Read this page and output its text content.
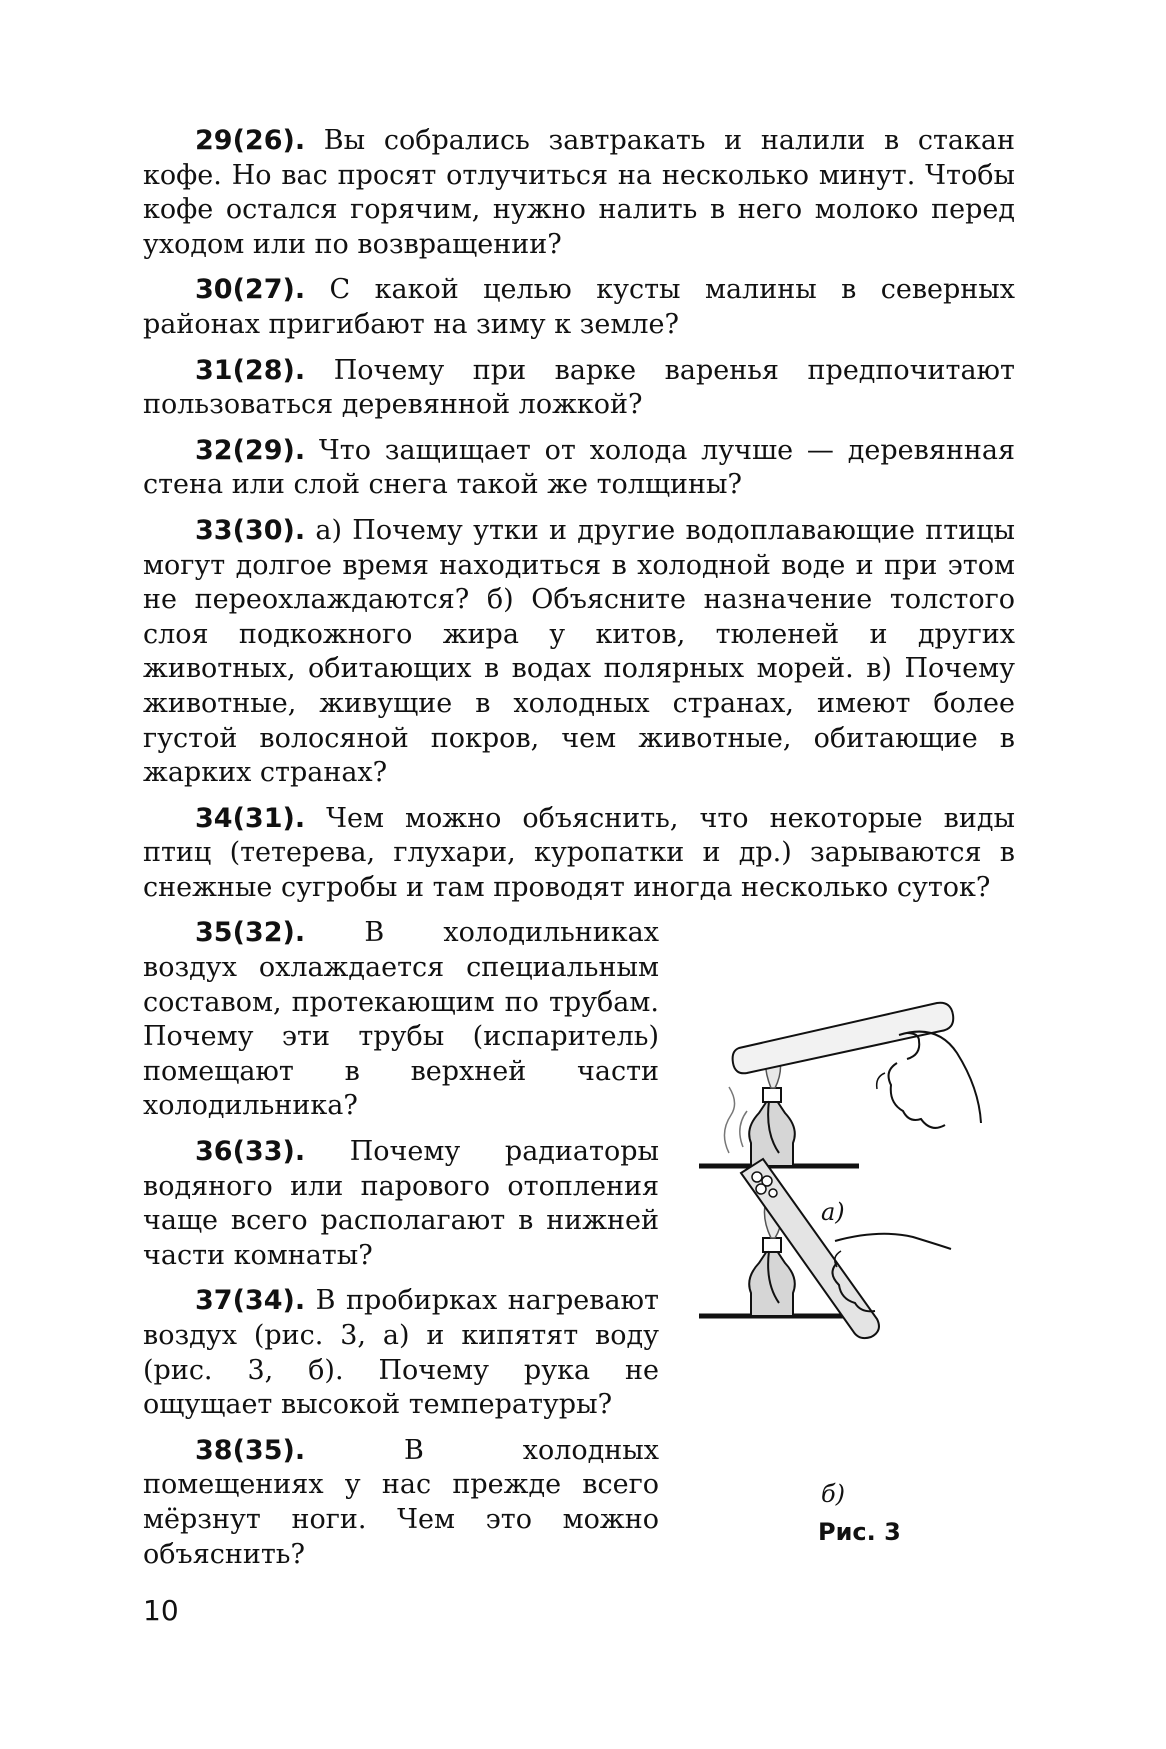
29(26). Вы собрались завтракать и налили в стакан кофе. Но вас просят отлучиться на несколько минут. Чтобы кофе остался горячим, нужно налить в него молоко перед уходом или по возвращении?

30(27). С какой целью кусты малины в северных районах пригибают на зиму к земле?

31(28). Почему при варке варенья предпочитают пользоваться деревянной ложкой?

32(29). Что защищает от холода лучше — деревянная стена или слой снега такой же толщины?

33(30). а) Почему утки и другие водоплавающие птицы могут долгое время находиться в холодной воде и при этом не переохлаждаются? б) Объясните назначение толстого слоя подкожного жира у китов, тюленей и других животных, обитающих в водах полярных морей. в) Почему животные, живущие в холодных странах, имеют более густой волосяной покров, чем животные, обитающие в жарких странах?

34(31). Чем можно объяснить, что некоторые виды птиц (тетерева, глухари, куропатки и др.) зарываются в снежные сугробы и там проводят иногда несколько суток?

35(32). В холодильниках воздух охлаждается специальным составом, протекающим по трубам. Почему эти трубы (испаритель) помещают в верхней части холодильника?

36(33). Почему радиаторы водяного или парового отопления чаще всего располагают в нижней части комнаты?

37(34). В пробирках нагревают воздух (рис. 3, а) и кипятят воду (рис. 3, б). Почему рука не ощущает высокой температуры?

38(35).	В холодных помещениях у нас прежде всего мёрзнут ноги. Чем это можно объяснить?

а)
б)
Рис. 3
10
